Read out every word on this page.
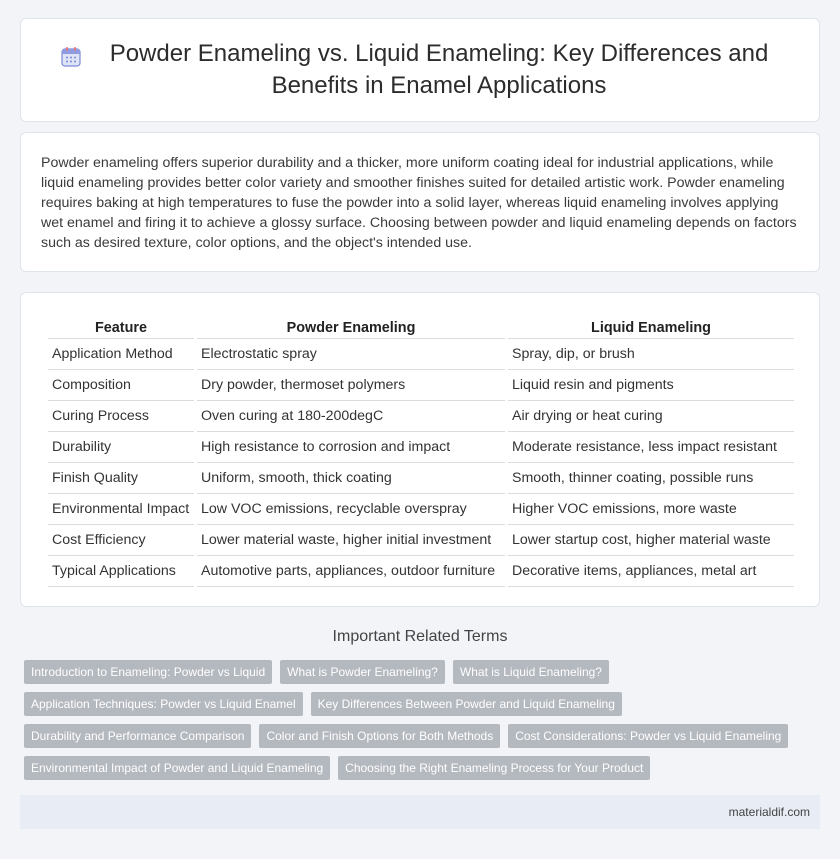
Powder Enameling vs. Liquid Enameling: Key Differences and Benefits in Enamel Applications

Powder enameling offers superior durability and a thicker, more uniform coating ideal for industrial applications, while liquid enameling provides better color variety and smoother finishes suited for detailed artistic work. Powder enameling requires baking at high temperatures to fuse the powder into a solid layer, whereas liquid enameling involves applying wet enamel and firing it to achieve a glossy surface. Choosing between powder and liquid enameling depends on factors such as desired texture, color options, and the object's intended use.

Feature	Powder Enameling	Liquid Enameling
Application Method	Electrostatic spray	Spray, dip, or brush
Composition	Dry powder, thermoset polymers	Liquid resin and pigments
Curing Process	Oven curing at 180-200degC	Air drying or heat curing
Durability	High resistance to corrosion and impact	Moderate resistance, less impact resistant
Finish Quality	Uniform, smooth, thick coating	Smooth, thinner coating, possible runs
Environmental Impact	Low VOC emissions, recyclable overspray	Higher VOC emissions, more waste
Cost Efficiency	Lower material waste, higher initial investment	Lower startup cost, higher material waste
Typical Applications	Automotive parts, appliances, outdoor furniture	Decorative items, appliances, metal art
Important Related Terms
Introduction to Enameling: Powder vs Liquid	What is Powder Enameling?	What is Liquid Enameling?
Application Techniques: Powder vs Liquid Enamel	Key Differences Between Powder and Liquid Enameling
Durability and Performance Comparison	Color and Finish Options for Both Methods	Cost Considerations: Powder vs Liquid Enameling
Environmental Impact of Powder and Liquid Enameling	Choosing the Right Enameling Process for Your Product
materialdif.com
